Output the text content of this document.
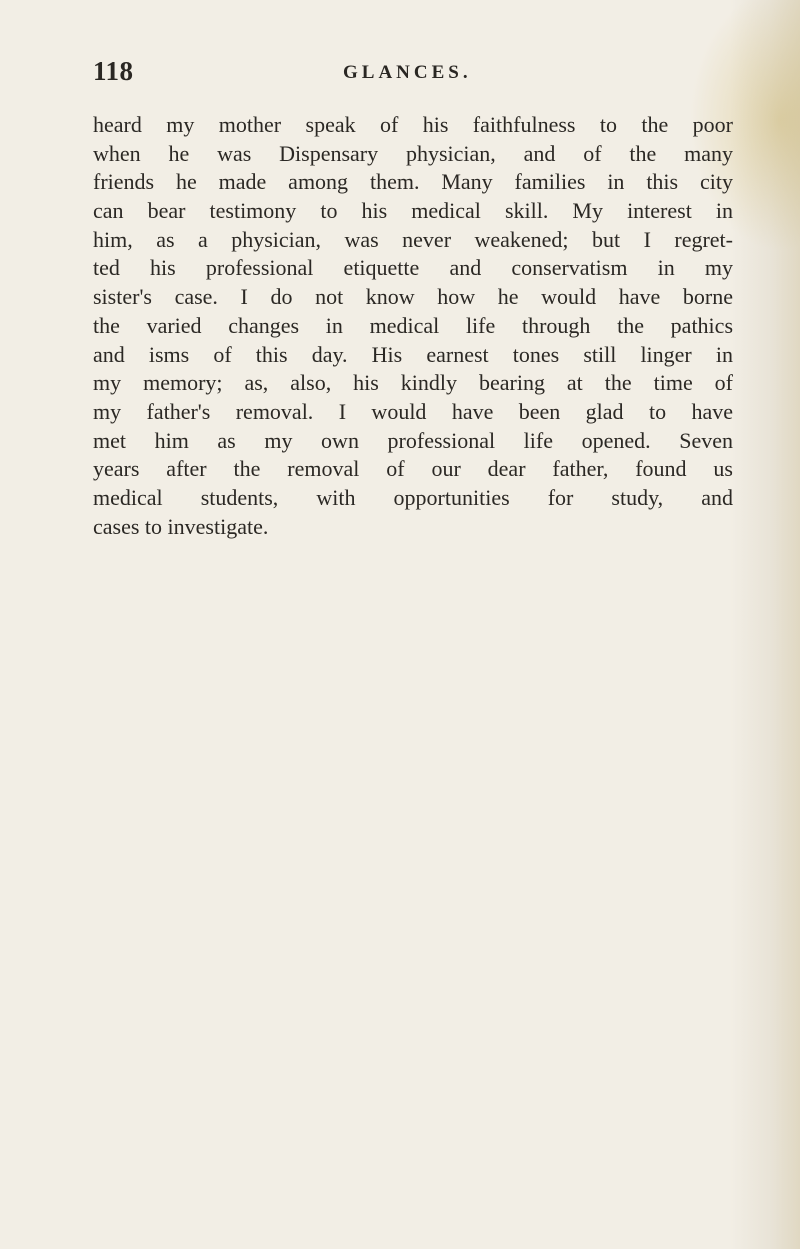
118	GLANCES.
heard my mother speak of his faithfulness to the poor
when he was Dispensary physician, and of the many
friends he made among them. Many families in this city
can bear testimony to his medical skill. My interest in
him, as a physician, was never weakened; but I regret-
ted his professional etiquette and conservatism in my
sister's case. I do not know how he would have borne
the varied changes in medical life through the pathics
and isms of this day. His earnest tones still linger in
my memory; as, also, his kindly bearing at the time of
my father's removal. I would have been glad to have
met him as my own professional life opened. Seven
years after the removal of our dear father, found us
medical students, with opportunities for study, and
cases to investigate.
